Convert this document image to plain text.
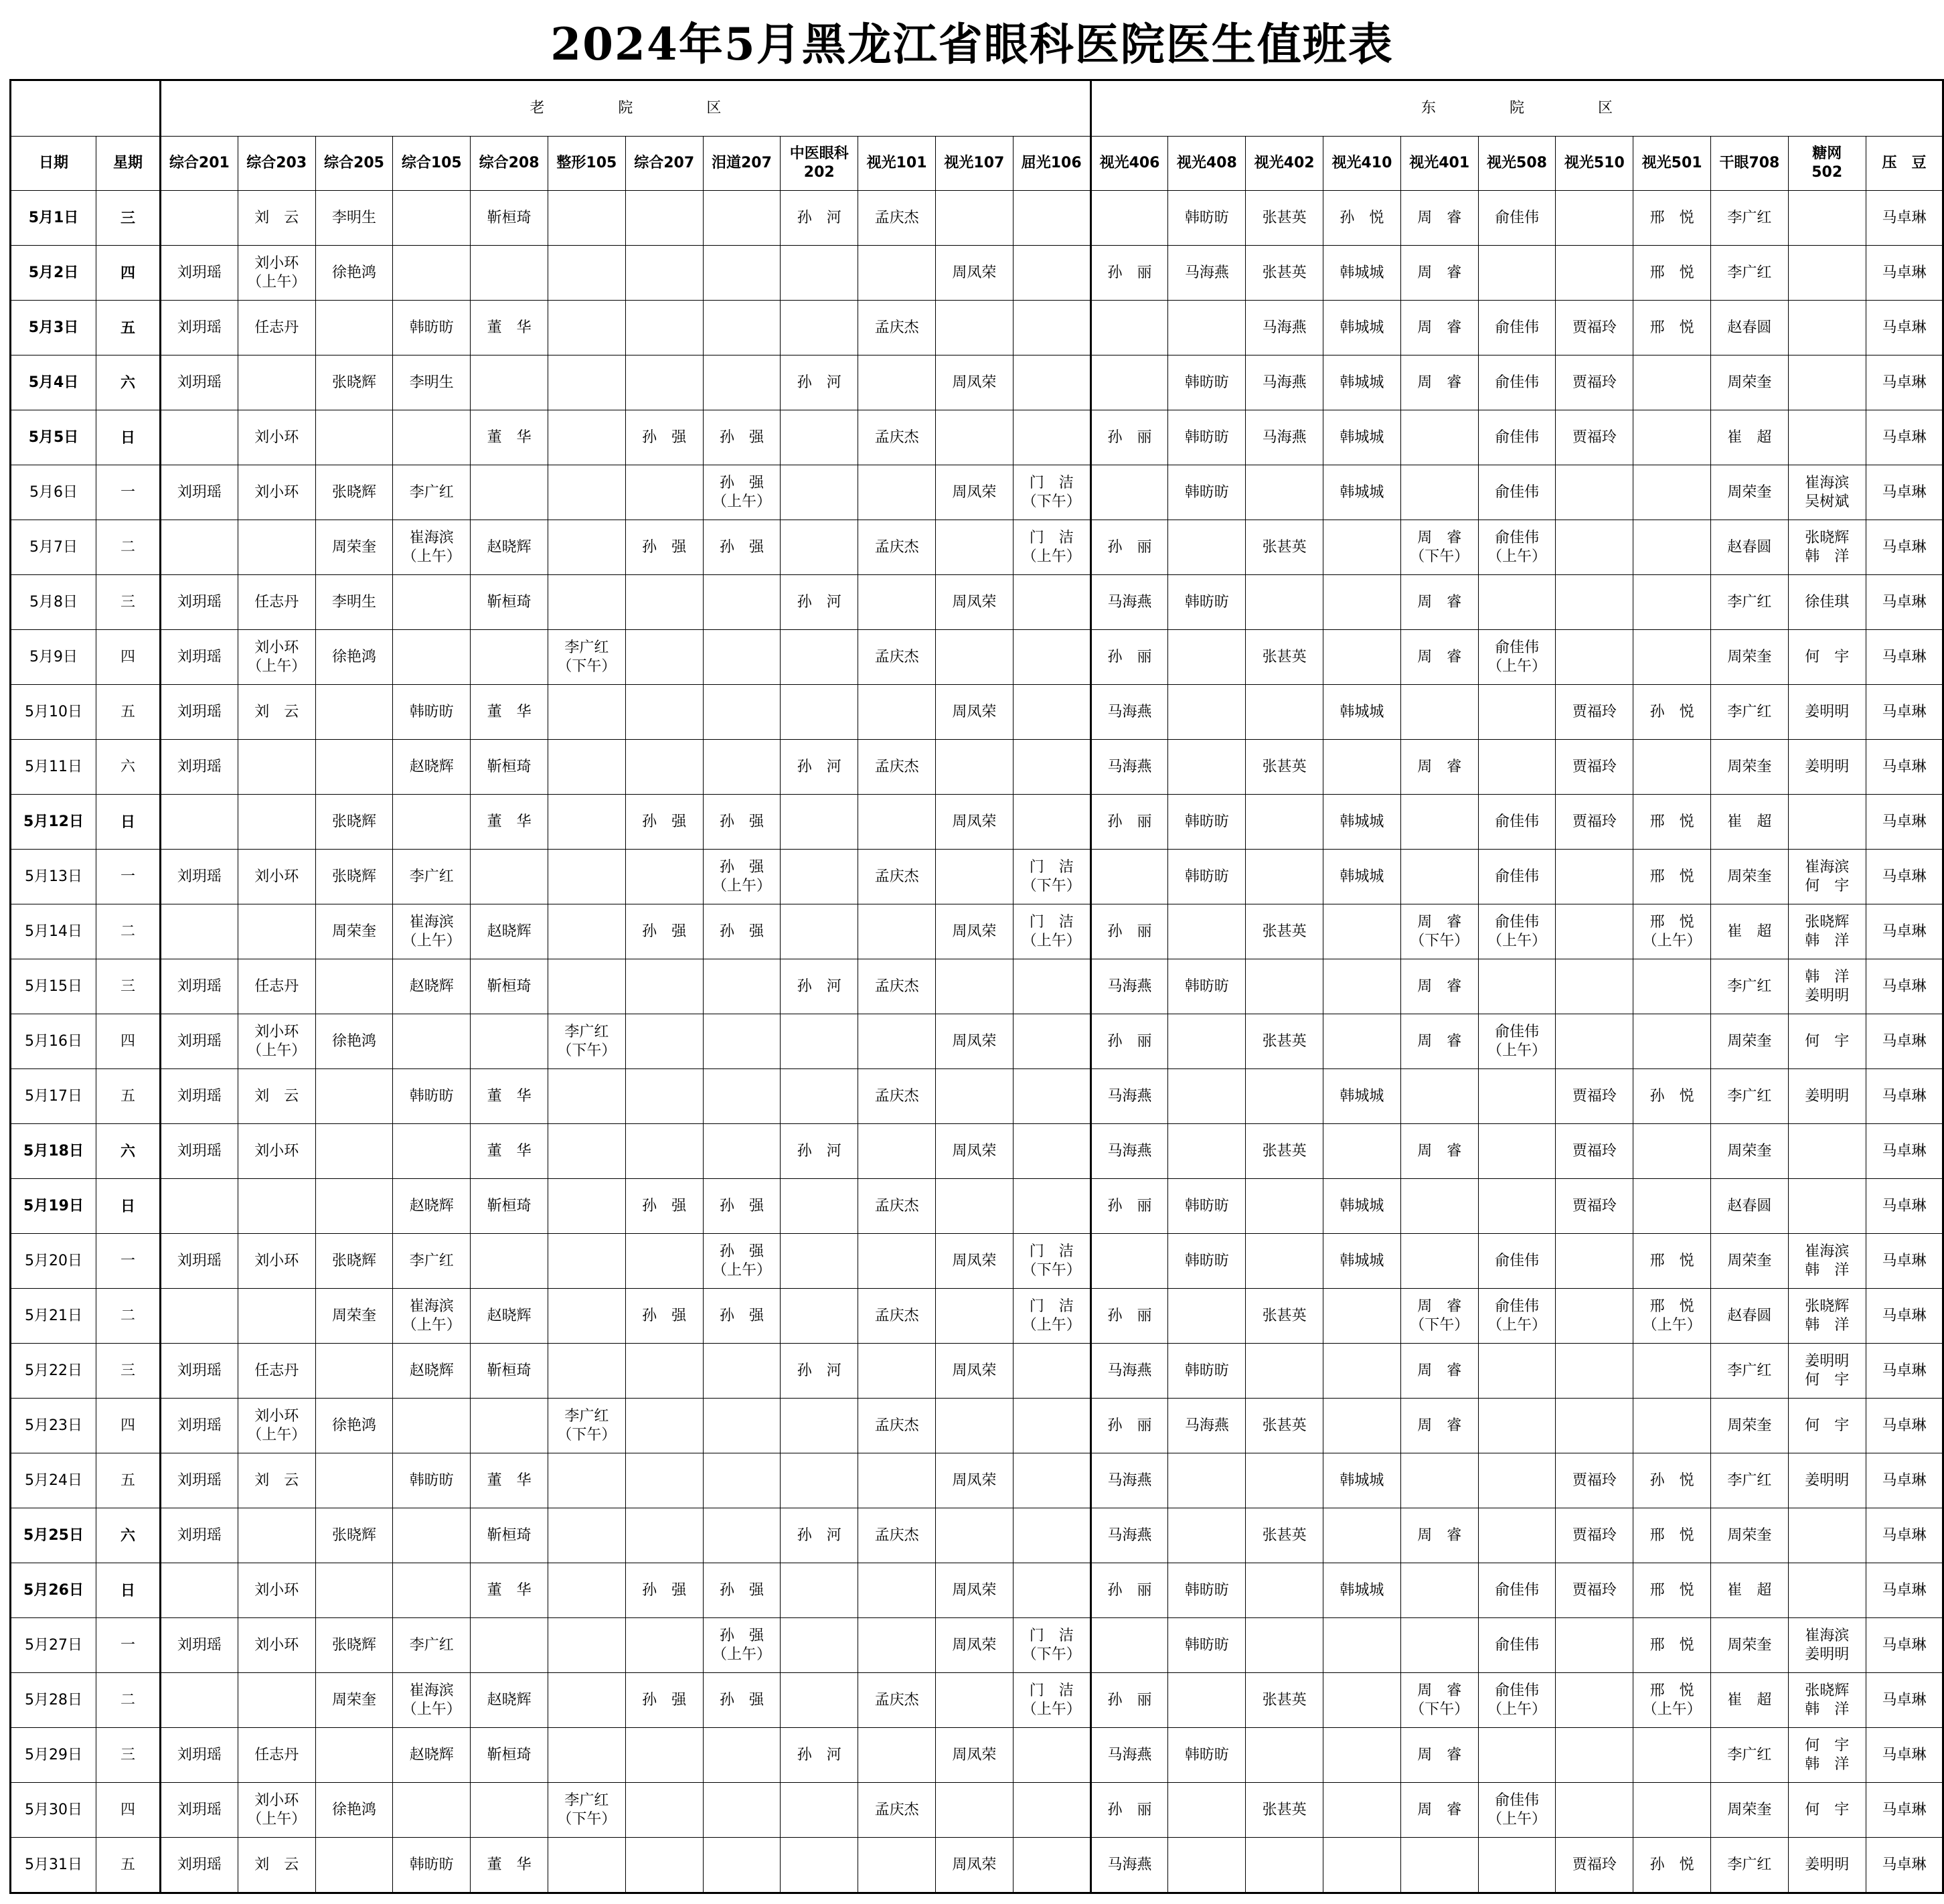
2024年5月黑龙江省眼科医院医生值班表
		老　　　　　院　　　　　区												东　　　　　院　　　　　区										

日期	星期	综合201	综合203	综合205	综合105	综合208	整形105	综合207	泪道207	中医眼科
202	视光101	视光107	屈光106	视光406	视光408	视光402	视光410	视光401	视光508	视光510	视光501	干眼708	糖网
502	压　豆

5月1日	三		刘　云	李明生		靳桓琦				孙　河	孟庆杰				韩昉昉	张甚英	孙　悦	周　睿	俞佳伟		邢　悦	李广红		马卓琳

5月2日	四	刘玥瑶	刘小环
（上午）	徐艳鸿								周凤荣		孙　丽	马海燕	张甚英	韩城城	周　睿			邢　悦	李广红		马卓琳

5月3日	五	刘玥瑶	任志丹		韩昉昉	董　华					孟庆杰					马海燕	韩城城	周　睿	俞佳伟	贾福玲	邢　悦	赵春圆		马卓琳

5月4日	六	刘玥瑶		张晓辉	李明生					孙　河		周凤荣			韩昉昉	马海燕	韩城城	周　睿	俞佳伟	贾福玲		周荣奎		马卓琳

5月5日	日		刘小环			董　华		孙　强	孙　强		孟庆杰			孙　丽	韩昉昉	马海燕	韩城城		俞佳伟	贾福玲		崔　超		马卓琳

5月6日	一	刘玥瑶	刘小环	张晓辉	李广红				孙　强
（上午）			周凤荣	门　洁
（下午）		韩昉昉		韩城城		俞佳伟			周荣奎	崔海滨
吴树斌	马卓琳

5月7日	二			周荣奎	崔海滨
（上午）	赵晓辉		孙　强	孙　强		孟庆杰		门　洁
（上午）	孙　丽		张甚英		周　睿
（下午）	俞佳伟
（上午）			赵春圆	张晓辉
韩　洋	马卓琳

5月8日	三	刘玥瑶	任志丹	李明生		靳桓琦				孙　河		周凤荣		马海燕	韩昉昉			周　睿				李广红	徐佳琪	马卓琳

5月9日	四	刘玥瑶	刘小环
（上午）	徐艳鸿			李广红
（下午）				孟庆杰			孙　丽		张甚英		周　睿	俞佳伟
（上午）			周荣奎	何　宇	马卓琳

5月10日	五	刘玥瑶	刘　云		韩昉昉	董　华						周凤荣		马海燕			韩城城			贾福玲	孙　悦	李广红	姜明明	马卓琳

5月11日	六	刘玥瑶			赵晓辉	靳桓琦				孙　河	孟庆杰			马海燕		张甚英		周　睿		贾福玲		周荣奎	姜明明	马卓琳

5月12日	日			张晓辉		董　华		孙　强	孙　强			周凤荣		孙　丽	韩昉昉		韩城城		俞佳伟	贾福玲	邢　悦	崔　超		马卓琳

5月13日	一	刘玥瑶	刘小环	张晓辉	李广红				孙　强
（上午）		孟庆杰		门　洁
（下午）		韩昉昉		韩城城		俞佳伟		邢　悦	周荣奎	崔海滨
何　宇	马卓琳

5月14日	二			周荣奎	崔海滨
（上午）	赵晓辉		孙　强	孙　强			周凤荣	门　洁
（上午）	孙　丽		张甚英		周　睿
（下午）	俞佳伟
（上午）		邢　悦
（上午）	崔　超	张晓辉
韩　洋	马卓琳

5月15日	三	刘玥瑶	任志丹		赵晓辉	靳桓琦				孙　河	孟庆杰			马海燕	韩昉昉			周　睿				李广红	韩　洋
姜明明	马卓琳

5月16日	四	刘玥瑶	刘小环
（上午）	徐艳鸿			李广红
（下午）					周凤荣		孙　丽		张甚英		周　睿	俞佳伟
（上午）			周荣奎	何　宇	马卓琳

5月17日	五	刘玥瑶	刘　云		韩昉昉	董　华					孟庆杰			马海燕			韩城城			贾福玲	孙　悦	李广红	姜明明	马卓琳

5月18日	六	刘玥瑶	刘小环			董　华				孙　河		周凤荣		马海燕		张甚英		周　睿		贾福玲		周荣奎		马卓琳

5月19日	日				赵晓辉	靳桓琦		孙　强	孙　强		孟庆杰			孙　丽	韩昉昉		韩城城			贾福玲		赵春圆		马卓琳

5月20日	一	刘玥瑶	刘小环	张晓辉	李广红				孙　强
（上午）			周凤荣	门　洁
（下午）		韩昉昉		韩城城		俞佳伟		邢　悦	周荣奎	崔海滨
韩　洋	马卓琳

5月21日	二			周荣奎	崔海滨
（上午）	赵晓辉		孙　强	孙　强		孟庆杰		门　洁
（上午）	孙　丽		张甚英		周　睿
（下午）	俞佳伟
（上午）		邢　悦
（上午）	赵春圆	张晓辉
韩　洋	马卓琳

5月22日	三	刘玥瑶	任志丹		赵晓辉	靳桓琦				孙　河		周凤荣		马海燕	韩昉昉			周　睿				李广红	姜明明
何　宇	马卓琳

5月23日	四	刘玥瑶	刘小环
（上午）	徐艳鸿			李广红
（下午）				孟庆杰			孙　丽	马海燕	张甚英		周　睿				周荣奎	何　宇	马卓琳

5月24日	五	刘玥瑶	刘　云		韩昉昉	董　华						周凤荣		马海燕			韩城城			贾福玲	孙　悦	李广红	姜明明	马卓琳

5月25日	六	刘玥瑶		张晓辉		靳桓琦				孙　河	孟庆杰			马海燕		张甚英		周　睿		贾福玲	邢　悦	周荣奎		马卓琳

5月26日	日		刘小环			董　华		孙　强	孙　强			周凤荣		孙　丽	韩昉昉		韩城城		俞佳伟	贾福玲	邢　悦	崔　超		马卓琳

5月27日	一	刘玥瑶	刘小环	张晓辉	李广红				孙　强
（上午）			周凤荣	门　洁
（下午）		韩昉昉				俞佳伟		邢　悦	周荣奎	崔海滨
姜明明	马卓琳

5月28日	二			周荣奎	崔海滨
（上午）	赵晓辉		孙　强	孙　强		孟庆杰		门　洁
（上午）	孙　丽		张甚英		周　睿
（下午）	俞佳伟
（上午）		邢　悦
（上午）	崔　超	张晓辉
韩　洋	马卓琳

5月29日	三	刘玥瑶	任志丹		赵晓辉	靳桓琦				孙　河		周凤荣		马海燕	韩昉昉			周　睿				李广红	何　宇
韩　洋	马卓琳

5月30日	四	刘玥瑶	刘小环
（上午）	徐艳鸿			李广红
（下午）				孟庆杰			孙　丽		张甚英		周　睿	俞佳伟
（上午）			周荣奎	何　宇	马卓琳

5月31日	五	刘玥瑶	刘　云		韩昉昉	董　华						周凤荣		马海燕						贾福玲	孙　悦	李广红	姜明明	马卓琳
